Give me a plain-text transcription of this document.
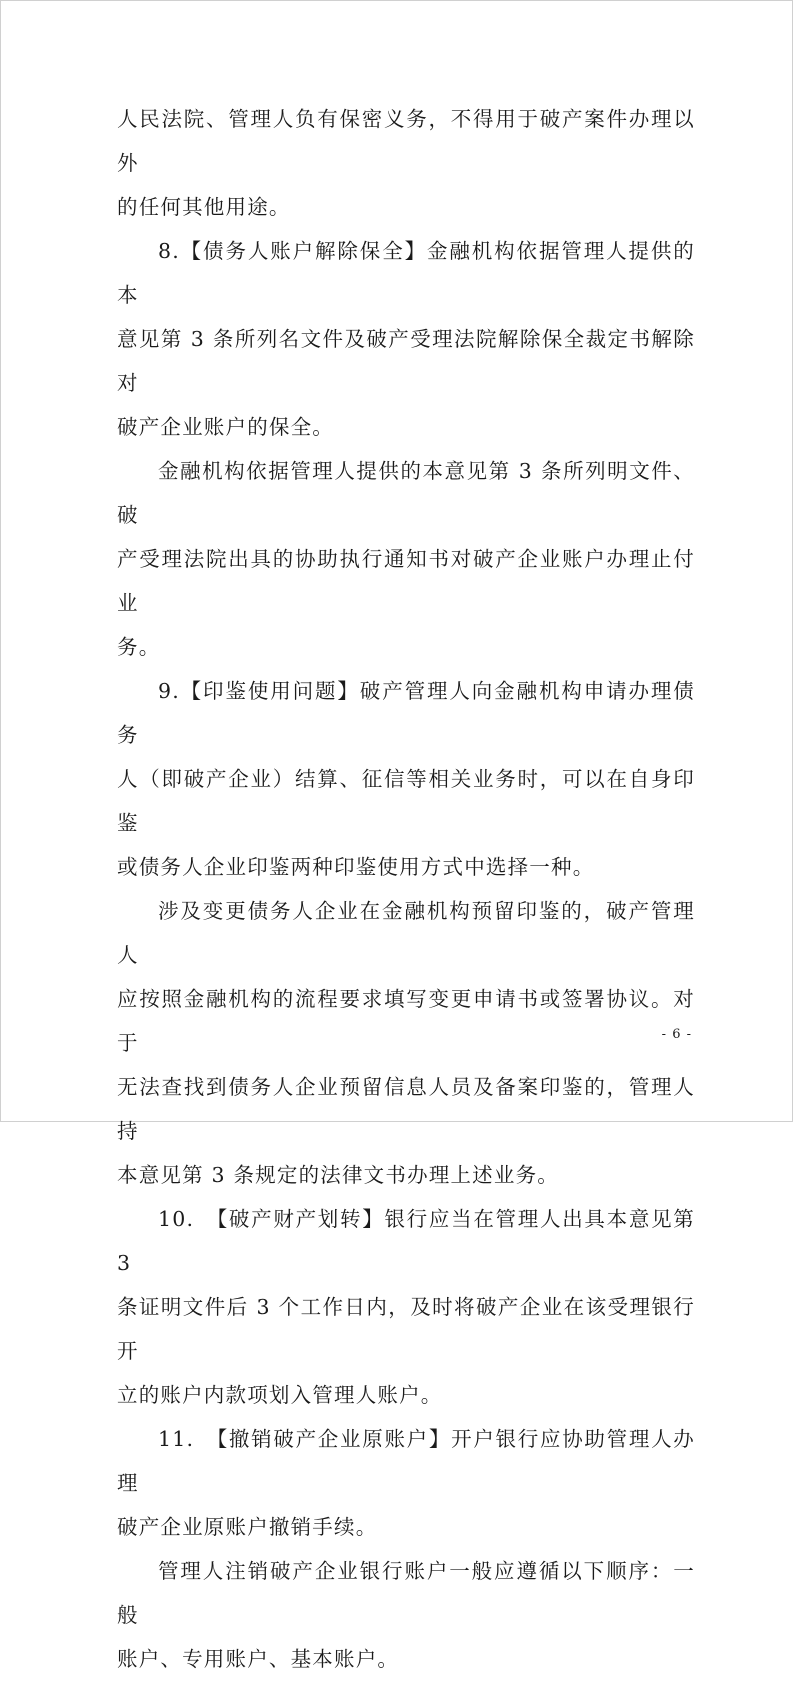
人民法院、管理人负有保密义务，不得用于破产案件办理以外
的任何其他用途。

8.【债务人账户解除保全】金融机构依据管理人提供的本
意见第 3 条所列名文件及破产受理法院解除保全裁定书解除对
破产企业账户的保全。

金融机构依据管理人提供的本意见第 3 条所列明文件、破
产受理法院出具的协助执行通知书对破产企业账户办理止付业
务。

9.【印鉴使用问题】破产管理人向金融机构申请办理债务
人（即破产企业）结算、征信等相关业务时，可以在自身印鉴
或债务人企业印鉴两种印鉴使用方式中选择一种。

涉及变更债务人企业在金融机构预留印鉴的，破产管理人
应按照金融机构的流程要求填写变更申请书或签署协议。对于
无法查找到债务人企业预留信息人员及备案印鉴的，管理人持
本意见第 3 条规定的法律文书办理上述业务。

10.　【破产财产划转】银行应当在管理人出具本意见第　3
条证明文件后 3 个工作日内，及时将破产企业在该受理银行开
立的账户内款项划入管理人账户。

11.　【撤销破产企业原账户】开户银行应协助管理人办理
破产企业原账户撤销手续。

管理人注销破产企业银行账户一般应遵循以下顺序：一般
账户、专用账户、基本账户。

- 6 -
